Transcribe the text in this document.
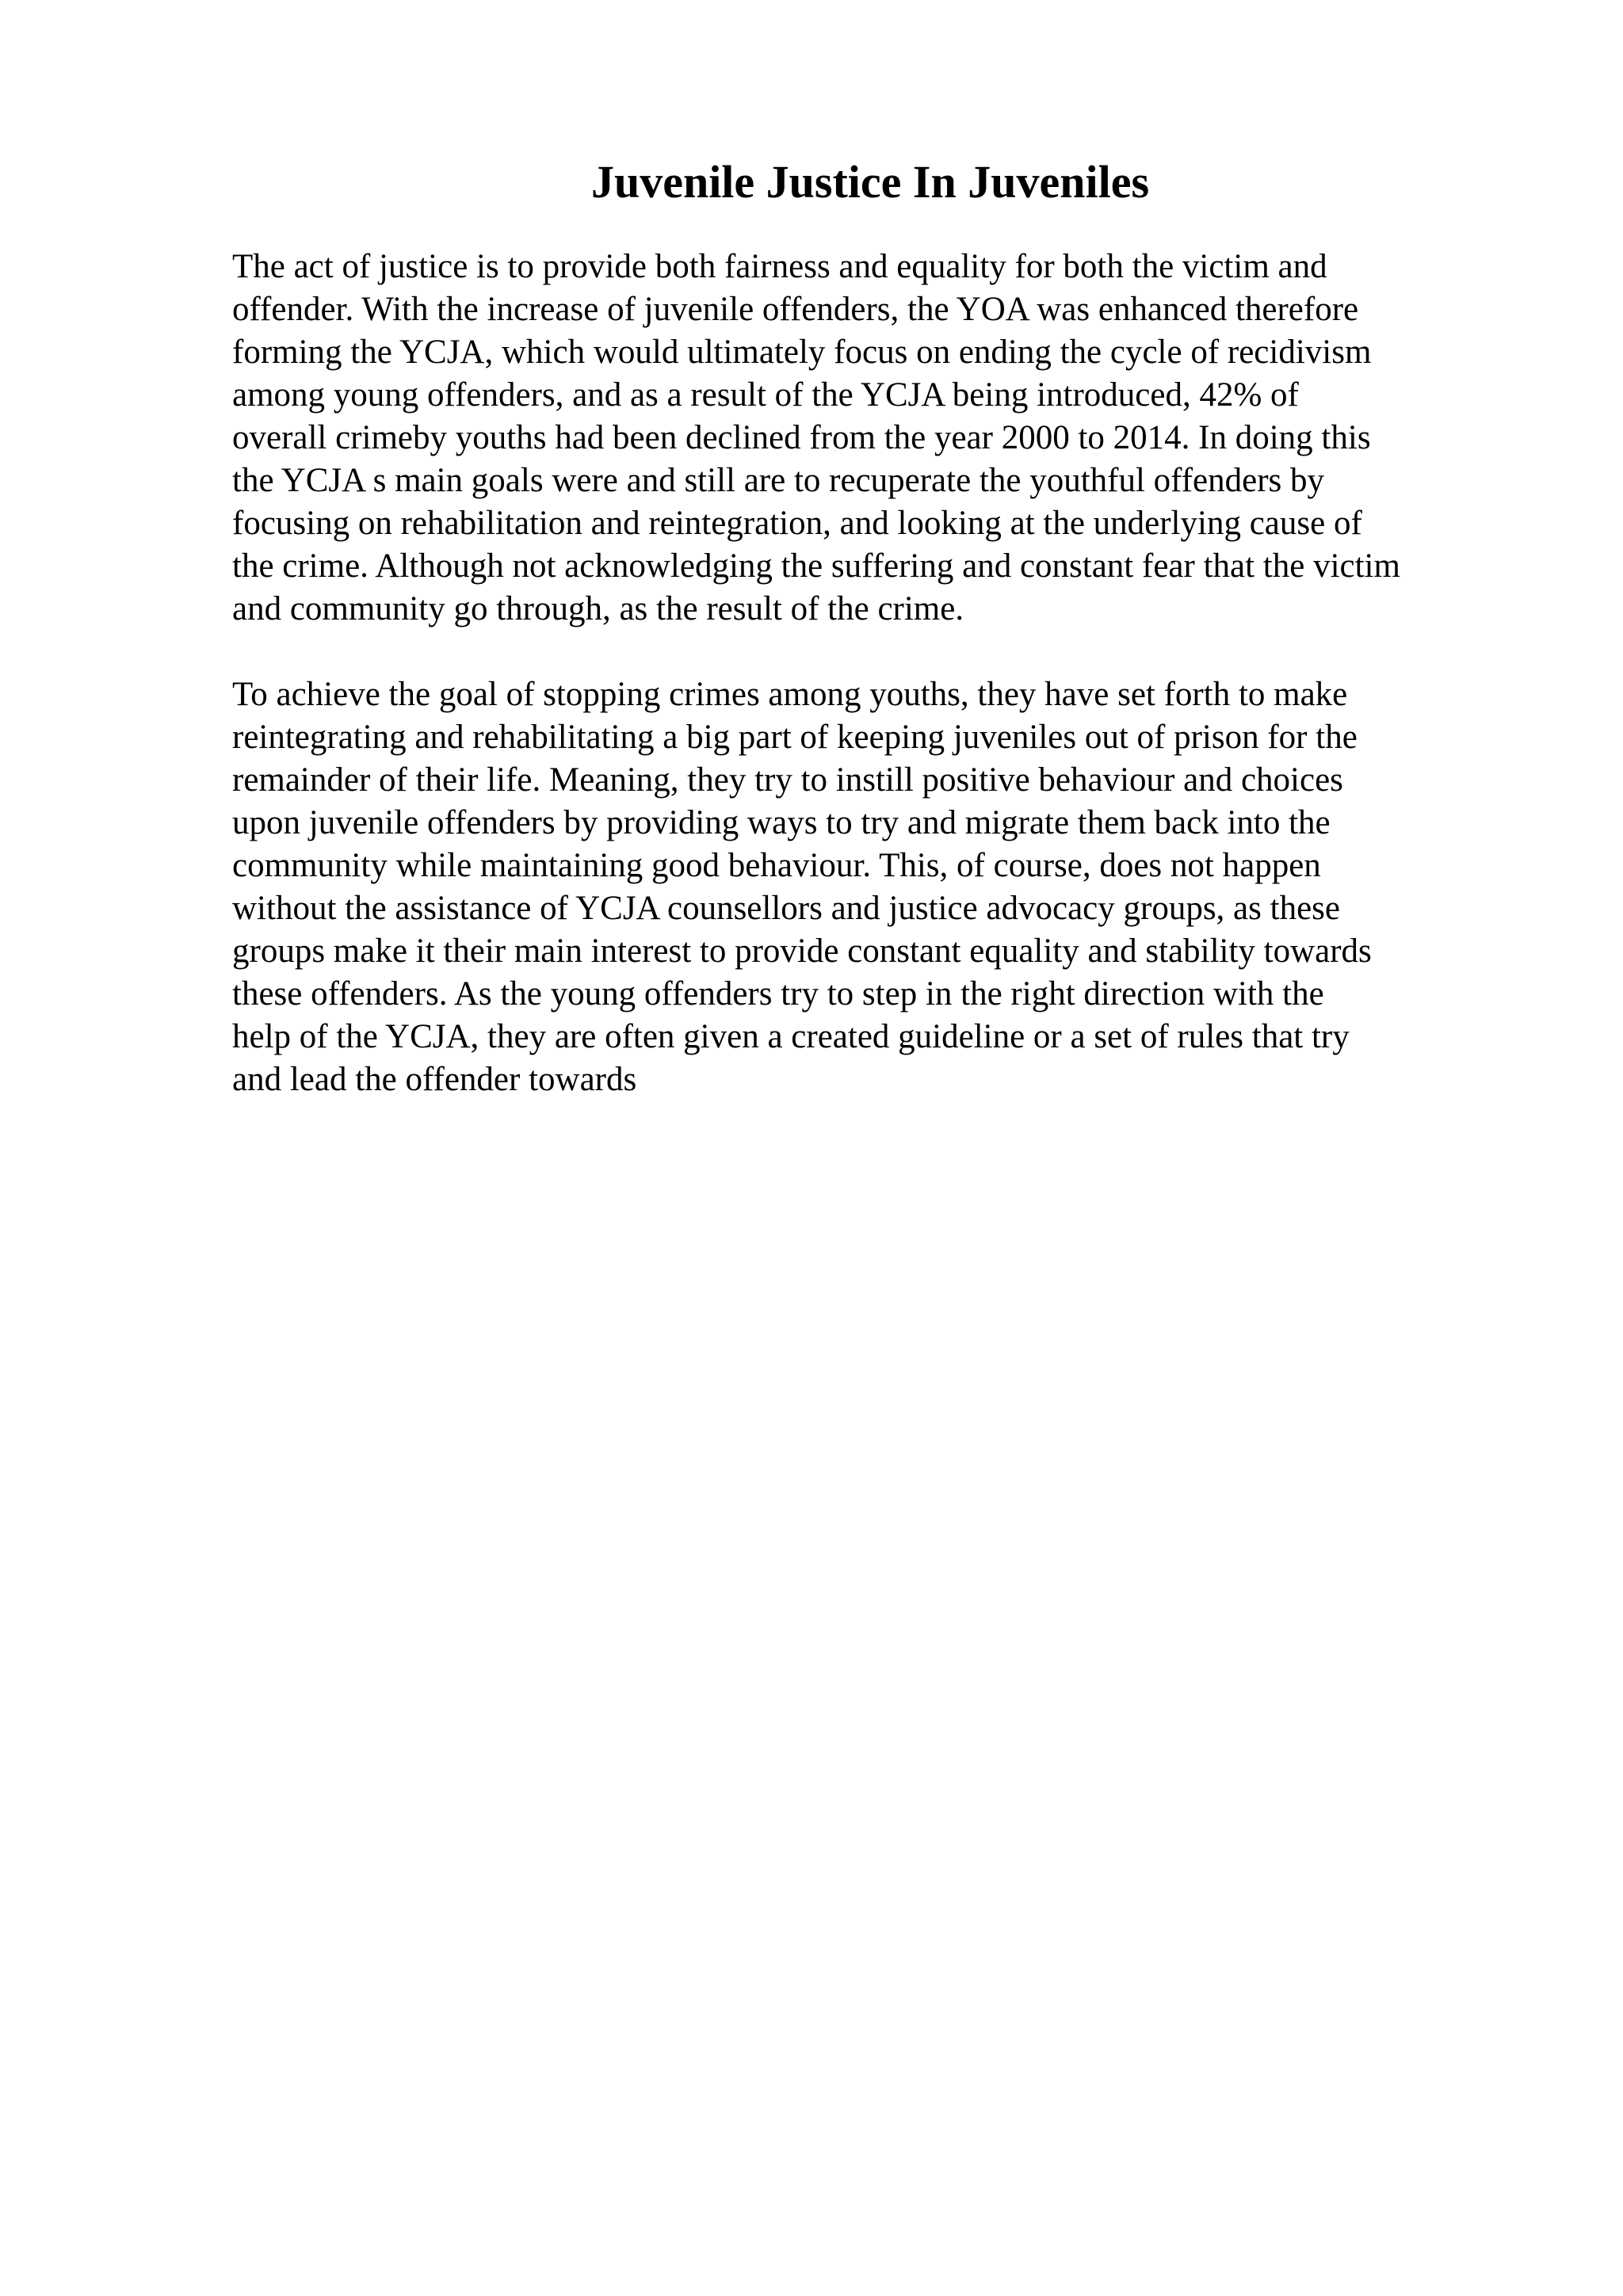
Juvenile Justice In Juveniles
The act of justice is to provide both fairness and equality for both the victim and
offender. With the increase of juvenile offenders, the YOA was enhanced therefore
forming the YCJA, which would ultimately focus on ending the cycle of recidivism
among young offenders, and as a result of the YCJA being introduced, 42% of
overall crimeby youths had been declined from the year 2000 to 2014. In doing this
the YCJA s main goals were and still are to recuperate the youthful offenders by
focusing on rehabilitation and reintegration, and looking at the underlying cause of
the crime. Although not acknowledging the suffering and constant fear that the victim
and community go through, as the result of the crime.
To achieve the goal of stopping crimes among youths, they have set forth to make
reintegrating and rehabilitating a big part of keeping juveniles out of prison for the
remainder of their life. Meaning, they try to instill positive behaviour and choices
upon juvenile offenders by providing ways to try and migrate them back into the
community while maintaining good behaviour. This, of course, does not happen
without the assistance of YCJA counsellors and justice advocacy groups, as these
groups make it their main interest to provide constant equality and stability towards
these offenders. As the young offenders try to step in the right direction with the
help of the YCJA, they are often given a created guideline or a set of rules that try
and lead the offender towards
